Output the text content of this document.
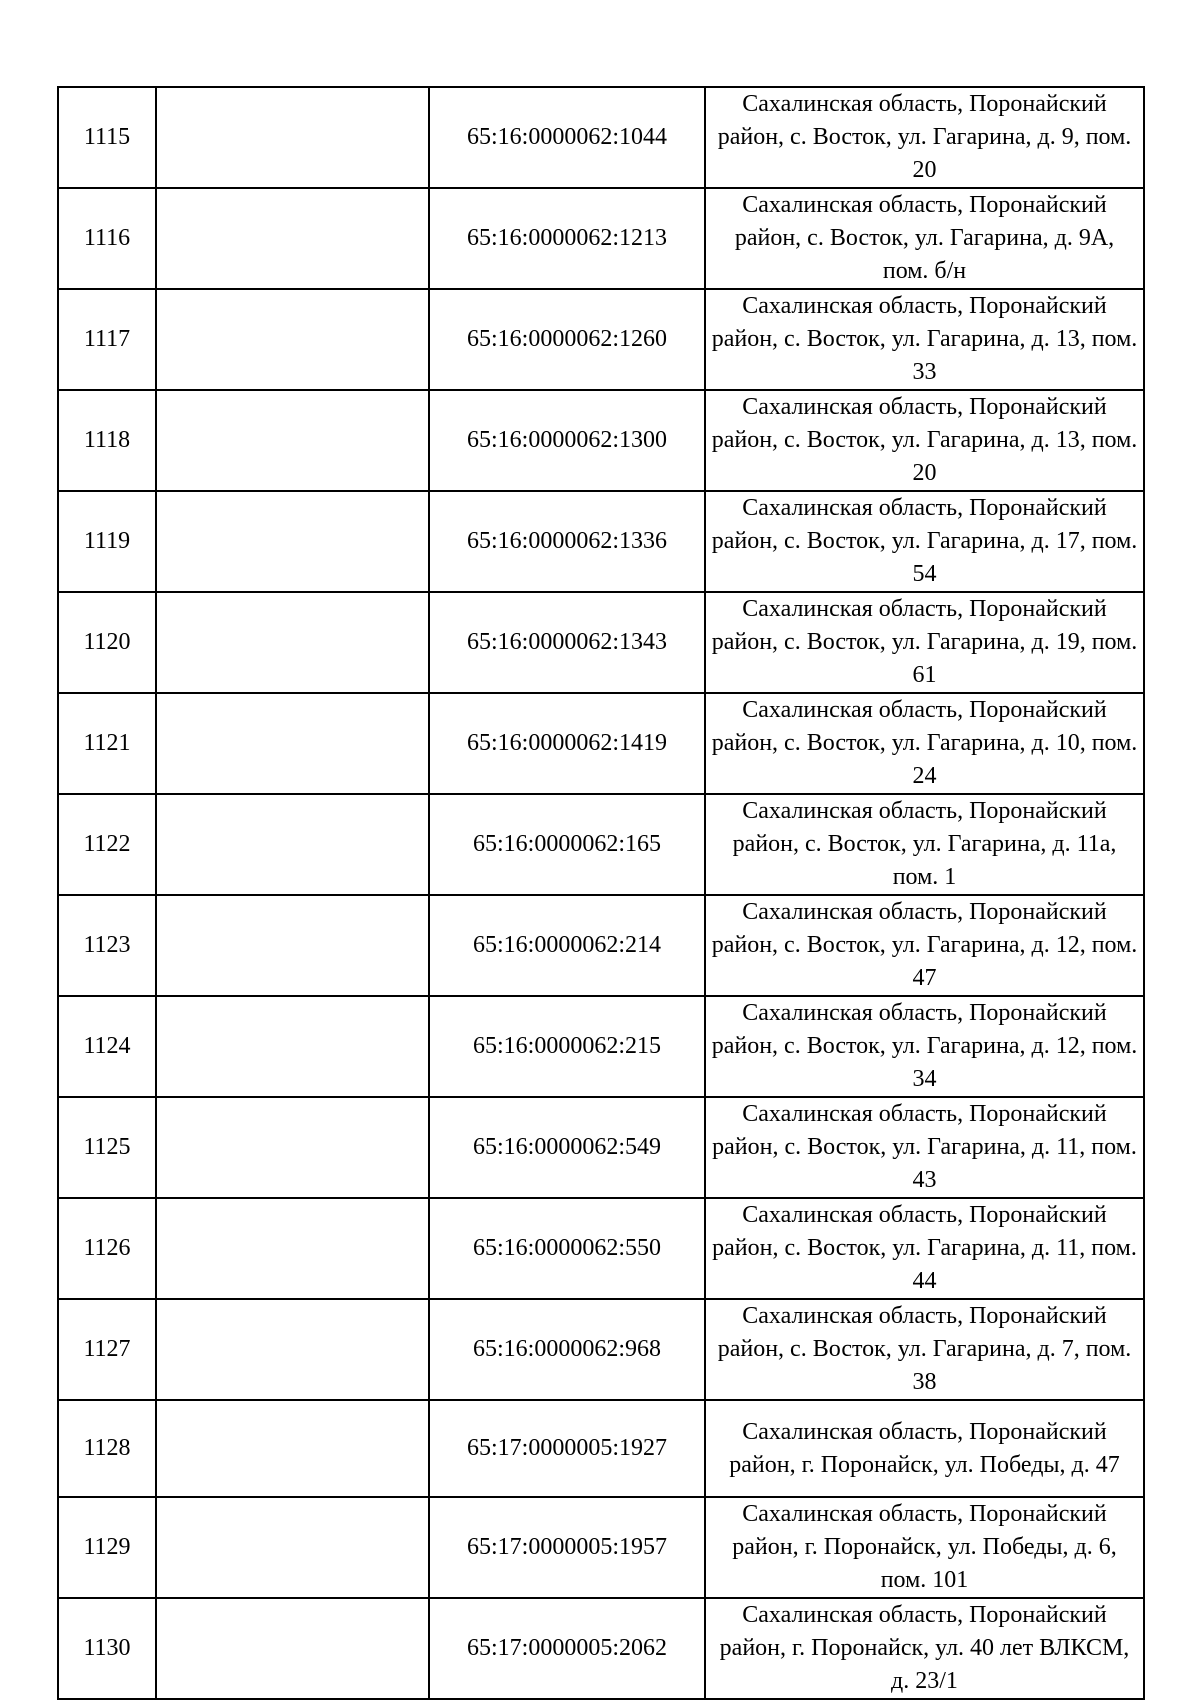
1115		65:16:0000062:1044	Сахалинская область, Поронайский район, с. Восток, ул. Гагарина, д. 9, пом. 20
1116		65:16:0000062:1213	Сахалинская область, Поронайский район, с. Восток, ул. Гагарина, д. 9А, пом. б/н
1117		65:16:0000062:1260	Сахалинская область, Поронайский район, с. Восток, ул. Гагарина, д. 13, пом. 33
1118		65:16:0000062:1300	Сахалинская область, Поронайский район, с. Восток, ул. Гагарина, д. 13, пом. 20
1119		65:16:0000062:1336	Сахалинская область, Поронайский район, с. Восток, ул. Гагарина, д. 17, пом. 54
1120		65:16:0000062:1343	Сахалинская область, Поронайский район, с. Восток, ул. Гагарина, д. 19, пом. 61
1121		65:16:0000062:1419	Сахалинская область, Поронайский район, с. Восток, ул. Гагарина, д. 10, пом. 24
1122		65:16:0000062:165	Сахалинская область, Поронайский район, с. Восток, ул. Гагарина, д. 11а, пом. 1
1123		65:16:0000062:214	Сахалинская область, Поронайский район, с. Восток, ул. Гагарина, д. 12, пом. 47
1124		65:16:0000062:215	Сахалинская область, Поронайский район, с. Восток, ул. Гагарина, д. 12, пом. 34
1125		65:16:0000062:549	Сахалинская область, Поронайский район, с. Восток, ул. Гагарина, д. 11, пом. 43
1126		65:16:0000062:550	Сахалинская область, Поронайский район, с. Восток, ул. Гагарина, д. 11, пом. 44
1127		65:16:0000062:968	Сахалинская область, Поронайский район, с. Восток, ул. Гагарина, д. 7, пом. 38
1128		65:17:0000005:1927	Сахалинская область, Поронайский район, г. Поронайск, ул. Победы, д. 47
1129		65:17:0000005:1957	Сахалинская область, Поронайский район, г. Поронайск, ул. Победы, д. 6, пом. 101
1130		65:17:0000005:2062	Сахалинская область, Поронайский район, г. Поронайск, ул. 40 лет ВЛКСМ, д. 23/1
